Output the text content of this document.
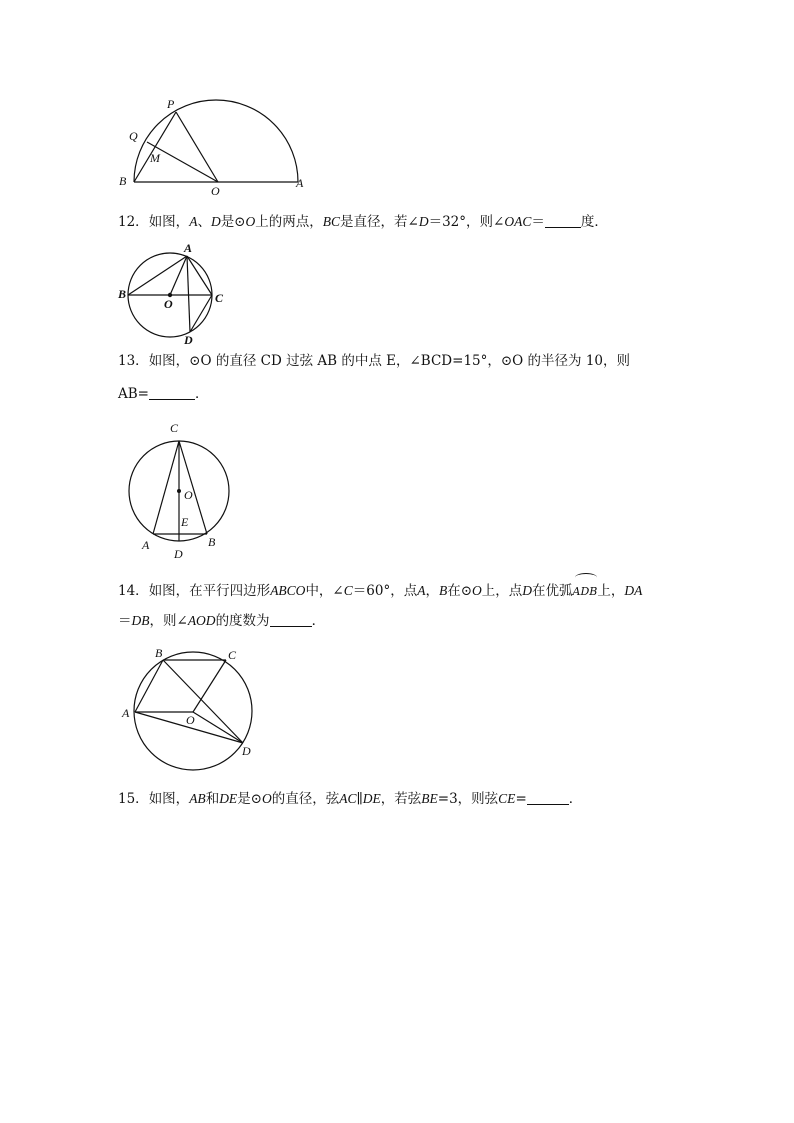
P
Q
M
B
O
A
12．如图，A、D是⊙O上的两点，BC是直径，若∠D＝32°，则∠OAC＝	度．
A
B
O	C
D
13．如图，⊙O 的直径 CD 过弦 AB 的中点 E，∠BCD=15°，⊙O 的半径为 10，则
AB=	．
C
O
E
A
D
B
14．如图，在平行四边形ABCO中，∠C＝60°，点A，B在⊙O上，点D在优弧
ADB上，DA
＝DB，则∠AOD的度数为	．
B	C
A	O
D
15．如图，AB和DE是⊙O的直径，弦AC∥DE，若弦BE=3，则弦CE=	．
